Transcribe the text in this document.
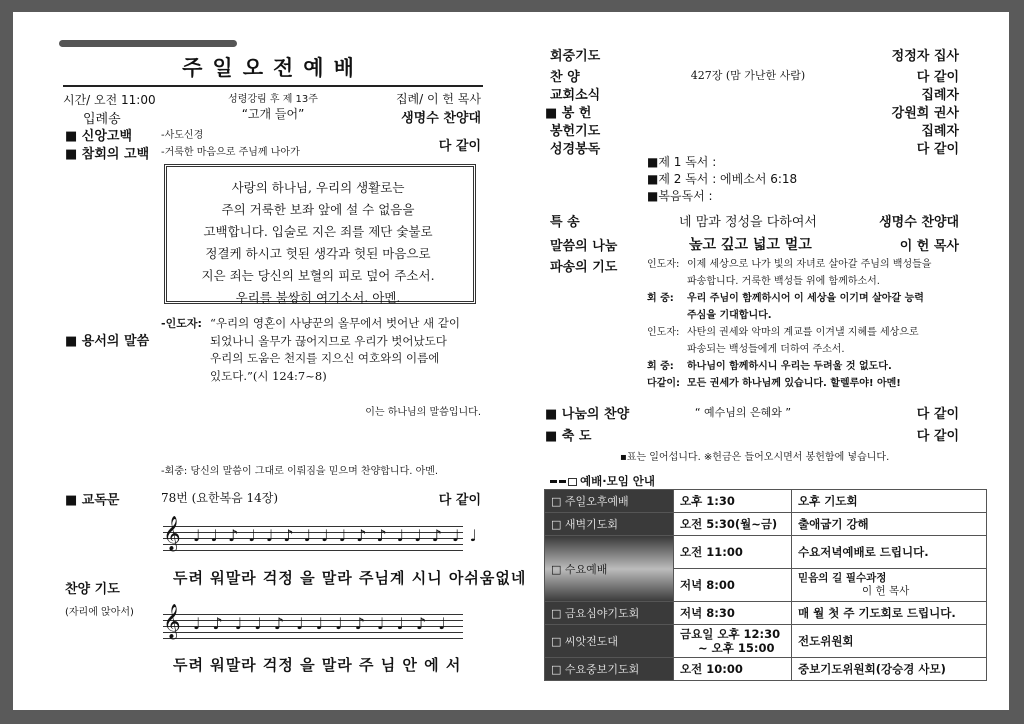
주일오전예배
시간/ 오전 11:00	성령강림 후 제 13주
“고개 들어”
집례/ 이 헌 목사
입례송	생명수 찬양대
■ 신앙고백	-사도신경
■ 참회의 고백 -거룩한 마음으로 주님께 나아가	다 같이
사랑의 하나님, 우리의 생활로는
주의 거룩한 보좌 앞에 설 수 없음을
고백합니다. 입술로 지은 죄를 제단 숯불로
정결케 하시고 헛된 생각과 헛된 마음으로
지은 죄는 당신의 보혈의 피로 덮어 주소서.
우리를 불쌍히 여기소서. 아멘.
■ 용서의 말씀
-인도자: “우리의 영혼이 사냥꾼의 올무에서 벗어난 새 같이
되었나니 올무가 끊어지므로 우리가 벗어났도다
우리의 도움은 천지를 지으신 여호와의 이름에
있도다.”(시 124:7~8)
이는 하나님의 말씀입니다.
-회중: 당신의 말씀이 그대로 이뤄짐을 믿으며 찬양합니다. 아멘.
■ 교독문	78번 (요한복음 14장)	다 같이
𝄞 ♩♩♪♩♩♪♩♩♩♪♪♩♩♪♩♩
두려 워말라 걱정 을 말라 주님계 시니 아쉬움없네
찬양 기도
(자리에 앉아서) 𝄞 ♩♪♩♩♪♩♩♩♪♩♩♪♩
두려 워말라 걱정 을 말라 주 님 안 에 서
회중기도	정정자 집사
찬 양	427장 (맘 가난한 사람)	다 같이
교회소식	집례자
■ 봉 헌	강원희 권사
봉헌기도	집례자
성경봉독	다 같이
■제 1 독서 :
■제 2 독서 : 에베소서 6:18
■복음독서 :
특 송	네 맘과 정성을 다하여서	생명수 찬양대
말씀의 나눔	높고 깊고 넓고 멀고	이 헌 목사
파송의 기도	인도자: 이제 세상으로 나가 빛의 자녀로 살아갈 주님의 백성들을
파송합니다. 거룩한 백성들 위에 함께하소서.
회 중: 우리 주님이 함께하시어 이 세상을 이기며 살아갈 능력
주심을 기대합니다.
인도자: 사탄의 권세와 악마의 계교를 이겨낼 지혜를 세상으로
파송되는 백성들에게 더하여 주소서.
회 중: 하나님이 함께하시니 우리는 두려울 것 없도다.
다같이: 모든 권세가 하나님께 있습니다. 할렐루야! 아멘!
■ 나눔의 찬양	“ 예수님의 은혜와 ”	다 같이
■ 축 도	다 같이
▪표는 일어섭니다. ※헌금은 들어오시면서 봉헌함에 넣습니다.
예배·모임 안내
□ 주일오후예배	오후 1:30	오후 기도회
□ 새벽기도회	오전 5:30(월~금)	출애굽기 강해
□ 수요예배	오전 11:00	수요저녁예배로 드립니다.
	저녁 8:00	믿음의 길 필수과정
이 헌 목사

□ 금요심야기도회	저녁 8:30	매 월 첫 주 기도회로 드립니다.
□ 씨앗전도대	금요일 오후 12:30
~ 오후 15:00	전도위원회
□ 수요중보기도회	오전 10:00	중보기도위원회(강승경 사모)
